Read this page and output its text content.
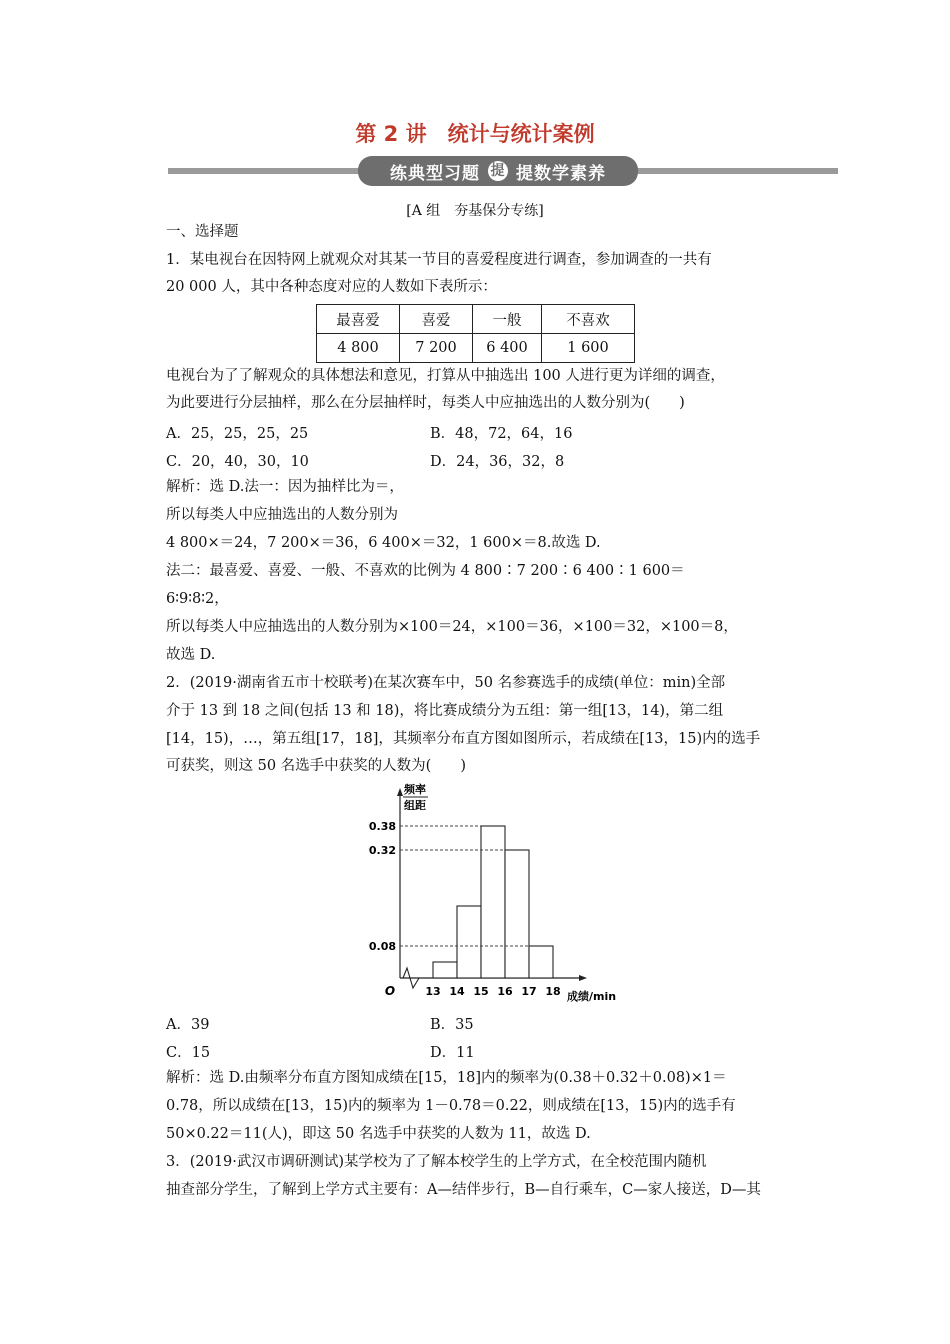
第 2 讲　统计与统计案例
练典型习题 提 提数学素养
[A 组　夯基保分专练]
一、选择题
1．某电视台在因特网上就观众对其某一节目的喜爱程度进行调查，参加调查的一共有
20 000 人，其中各种态度对应的人数如下表所示：
最喜爱	喜爱	一般	不喜欢
4 800	7 200	6 400	1 600
电视台为了了解观众的具体想法和意见，打算从中抽选出 100 人进行更为详细的调查，
为此要进行分层抽样，那么在分层抽样时，每类人中应抽选出的人数分别为(　　)
A．25，25，25，25	B．48，72，64，16
C．20，40，30，10	D．24，36，32，8
解析：选 D.法一：因为抽样比为＝，
所以每类人中应抽选出的人数分别为
4 800×＝24，7 200×＝36，6 400×＝32，1 600×＝8.故选 D.
法二：最喜爱、喜爱、一般、不喜欢的比例为 4 800∶7 200∶6 400∶1 600＝
6∶9∶8∶2，
所以每类人中应抽选出的人数分别为×100＝24，×100＝36，×100＝32，×100＝8，
故选 D.
2．(2019·湖南省五市十校联考)在某次赛车中，50 名参赛选手的成绩(单位：min)全部
介于 13 到 18 之间(包括 13 和 18)，将比赛成绩分为五组：第一组[13，14)，第二组
[14，15)，…，第五组[17，18]，其频率分布直方图如图所示，若成绩在[13，15)内的选手
可获奖，则这 50 名选手中获奖的人数为(　　)
0.38
0.32
0.08
13 14 15 16 17 18
O	成绩/min
频率
组距
A．39	B．35
C．15	D．11
解析：选 D.由频率分布直方图知成绩在[15，18]内的频率为(0.38＋0.32＋0.08)×1＝
0.78，所以成绩在[13，15)内的频率为 1－0.78＝0.22，则成绩在[13，15)内的选手有
50×0.22＝11(人)，即这 50 名选手中获奖的人数为 11，故选 D.
3．(2019·武汉市调研测试)某学校为了了解本校学生的上学方式，在全校范围内随机
抽查部分学生，了解到上学方式主要有：A—结伴步行，B—自行乘车，C—家人接送，D—其
